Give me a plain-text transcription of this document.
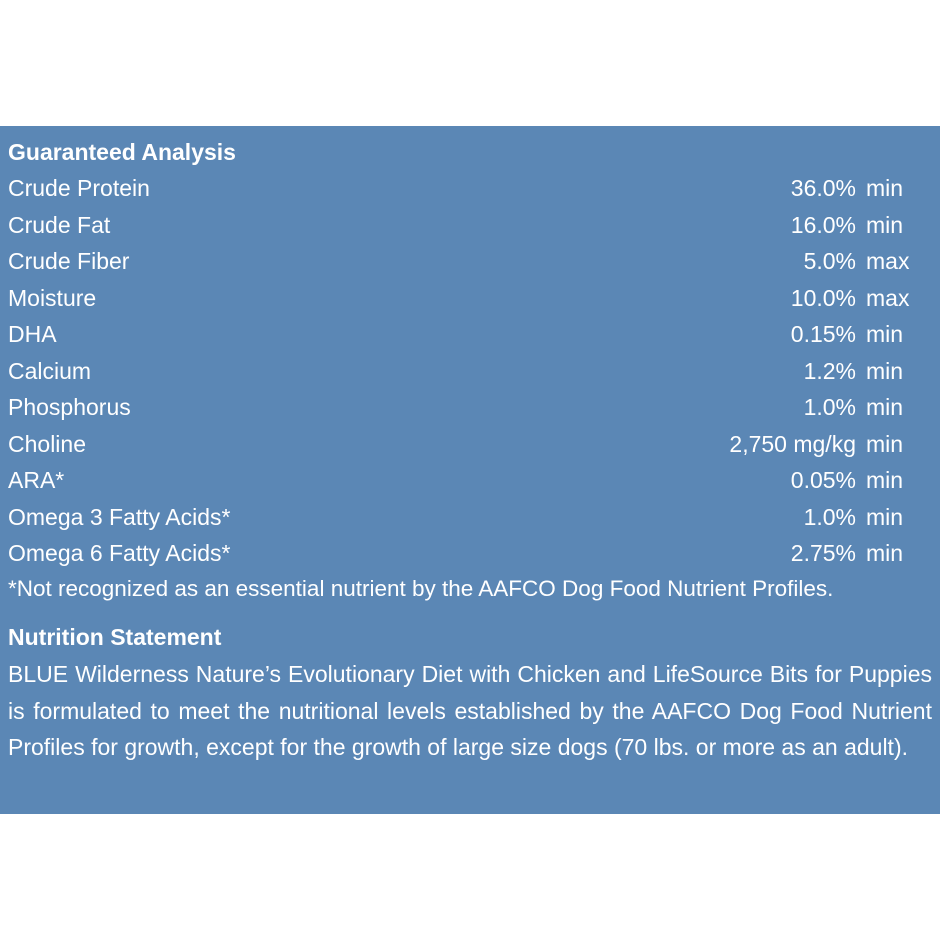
Guaranteed Analysis
Crude Protein	36.0% min
Crude Fat	16.0% min
Crude Fiber	5.0% max
Moisture	10.0% max
DHA	0.15% min
Calcium	1.2% min
Phosphorus	1.0% min
Choline	2,750 mg/kg min
ARA*	0.05% min
Omega 3 Fatty Acids*	1.0% min
Omega 6 Fatty Acids*	2.75% min
*Not recognized as an essential nutrient by the AAFCO Dog Food Nutrient Profiles.
Nutrition Statement
BLUE Wilderness Nature’s Evolutionary Diet with Chicken and LifeSource Bits for Puppies is formulated to meet the nutritional levels established by the AAFCO Dog Food Nutrient Profiles for growth, except for the growth of large size dogs (70 lbs. or more as an adult).
